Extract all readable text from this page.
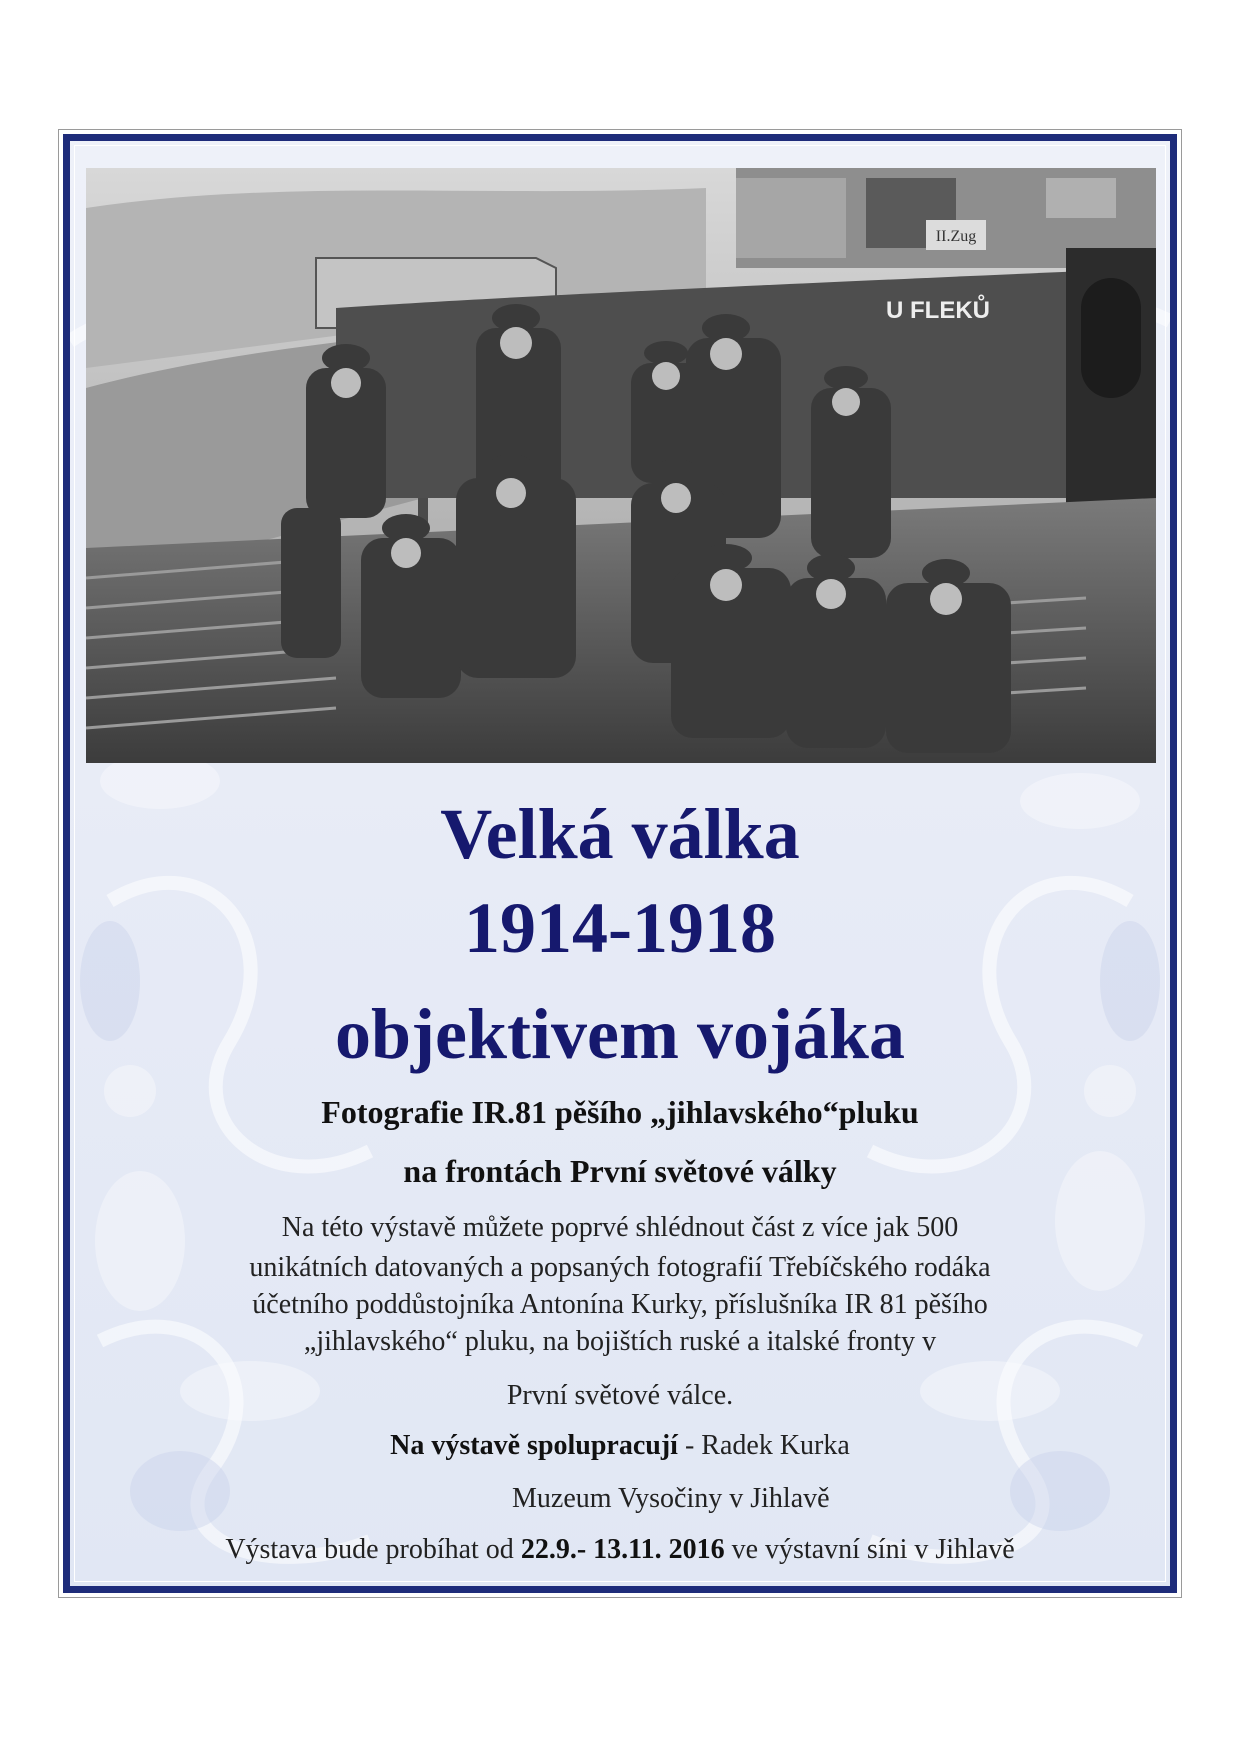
II.Zug
U FLEKŮ
Velká válka
1914-1918
objektivem vojáka
Fotografie IR.81 pěšího „jihlavského“pluku
na frontách První světové války
Na této výstavě můžete poprvé shlédnout část z více jak 500
unikátních datovaných a popsaných fotografií Třebíčského rodáka
účetního poddůstojníka Antonína Kurky, příslušníka IR 81 pěšího
„jihlavského“ pluku, na bojištích ruské a italské fronty v
První světové válce.
Na výstavě spolupracují - Radek Kurka
Muzeum Vysočiny v Jihlavě
Výstava bude probíhat od 22.9.- 13.11. 2016 ve výstavní síni v Jihlavě
